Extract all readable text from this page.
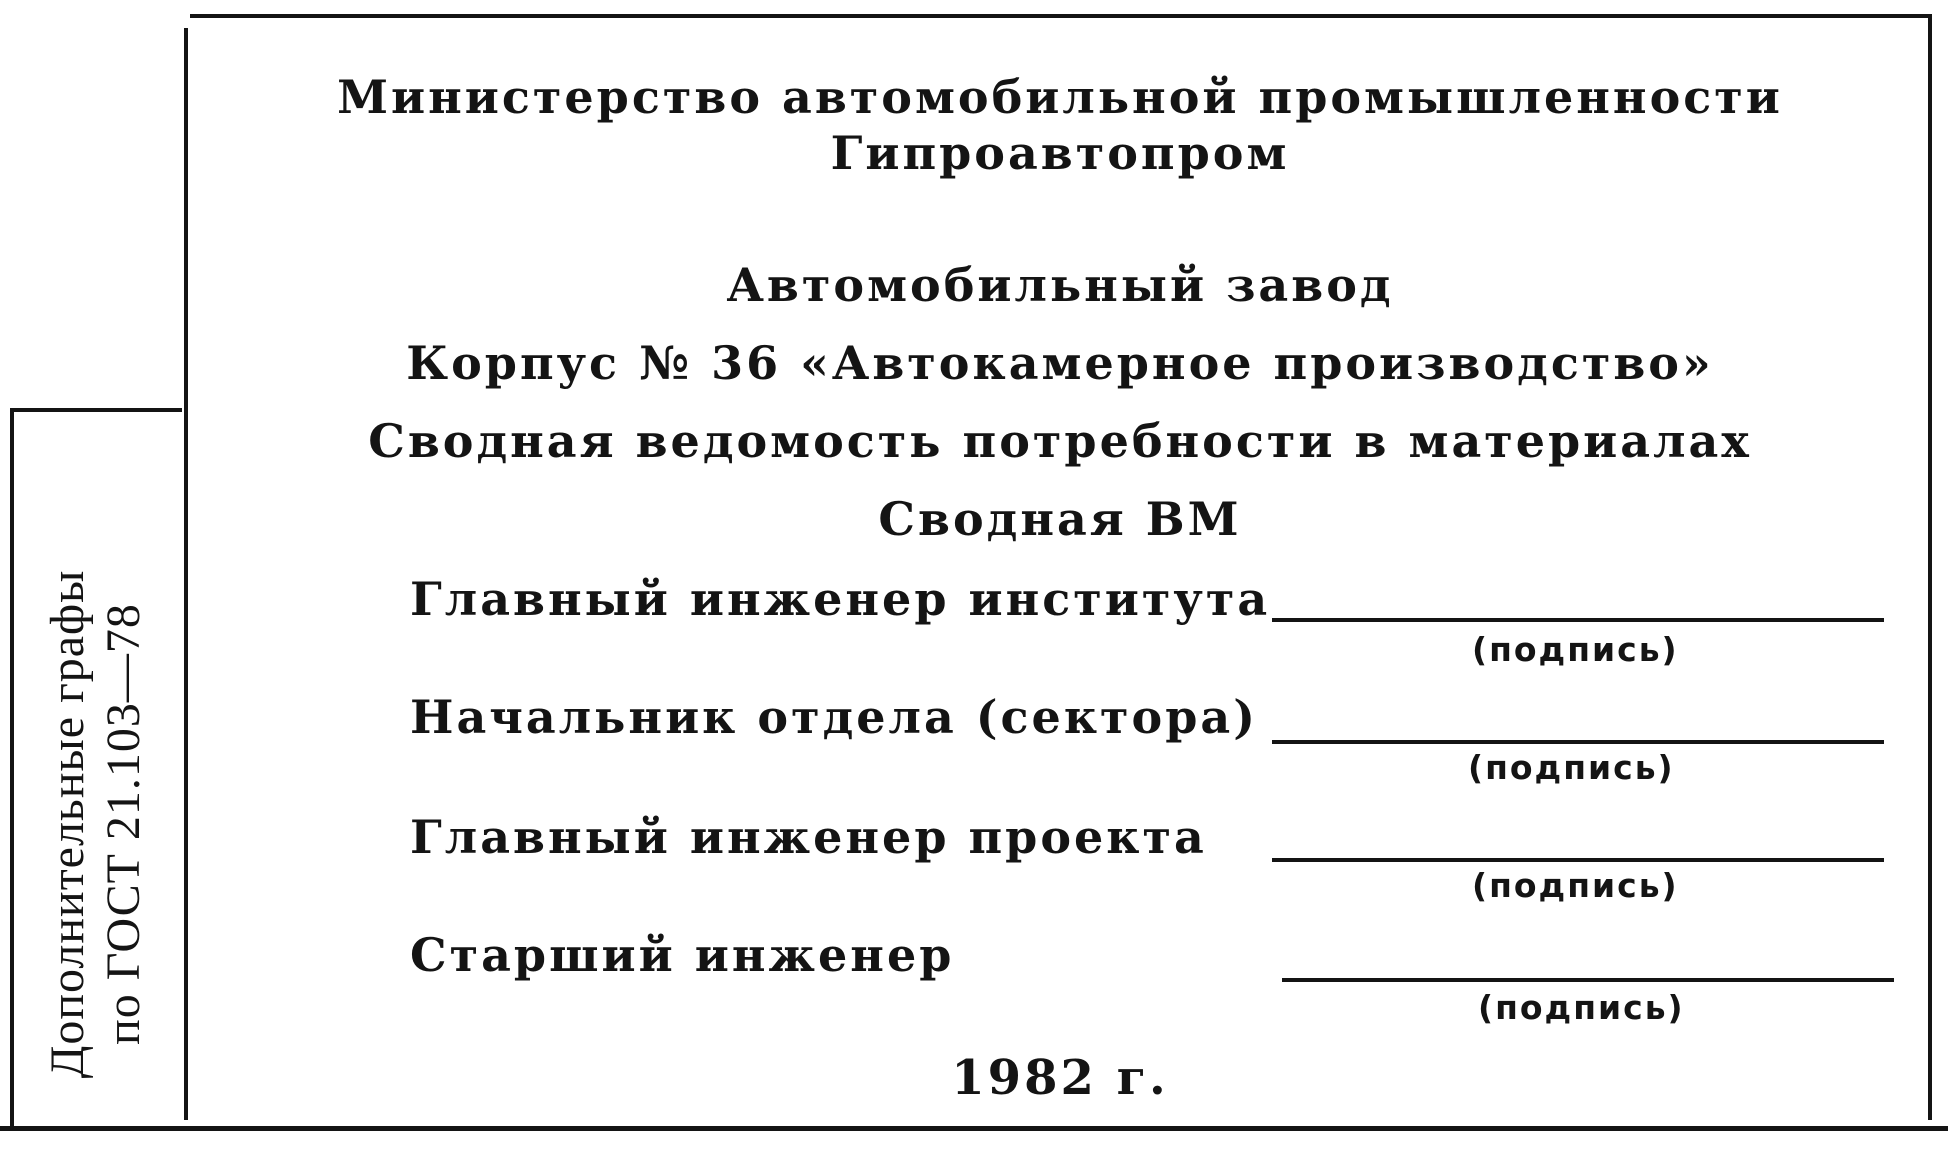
Дополнительные графы по ГОСТ 21.103—78
Министерство автомобильной промышленности
Гипроавтопром
Автомобильный завод
Корпус № 36 «Автокамерное производство»
Сводная ведомость потребности в материалах
Сводная ВМ
Главный инженер института
(подпись)
Начальник отдела (сектора)
(подпись)
Главный инженер проекта
(подпись)
Старший инженер
(подпись)
1982 г.
